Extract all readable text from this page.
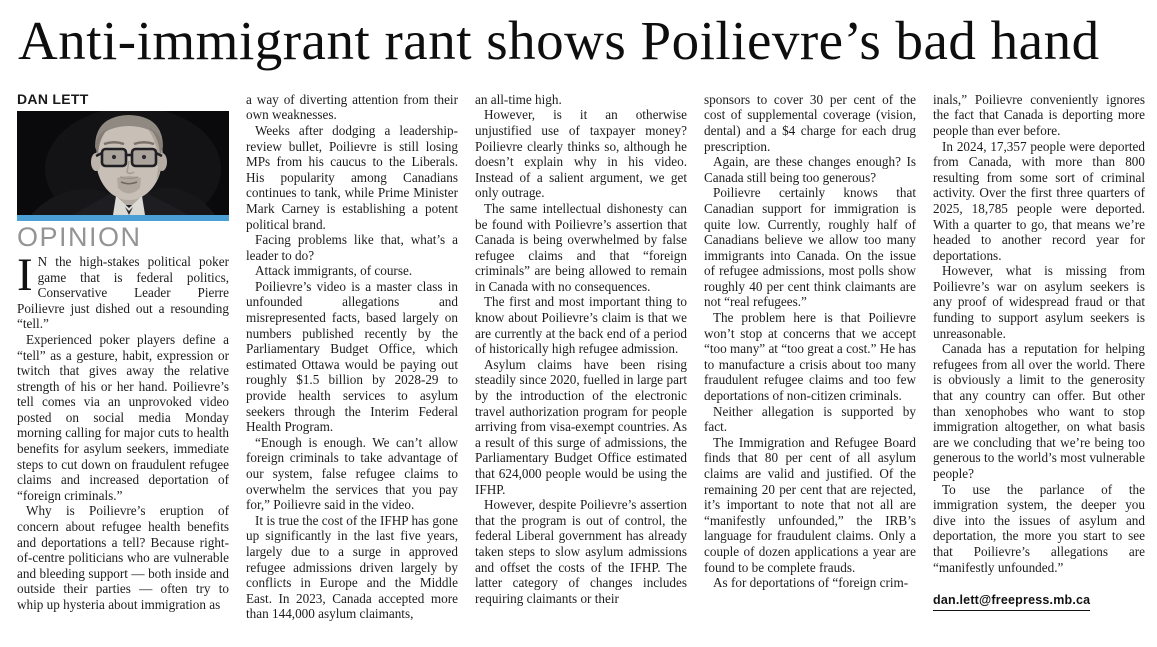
Anti-immigrant rant shows Poilievre’s bad hand
DAN LETT
OPINION

I N the high-stakes political poker game that is federal politics, Conservative Leader Pierre Poilievre just dished out a resounding “tell.”

Experienced poker players define a “tell” as a gesture, habit, expression or twitch that gives away the relative strength of his or her hand. Poilievre’s tell comes via an unprovoked video posted on social media Monday morning calling for major cuts to health benefits for asylum seekers, immediate steps to cut down on fraudulent refugee claims and increased deportation of “foreign criminals.”

Why is Poilievre’s eruption of concern about refugee health benefits and deportations a tell? Because right-of-centre politicians who are vulnerable and bleeding support — both inside and outside their parties — often try to whip up hysteria about immigration as

a way of diverting attention from their own weaknesses.

Weeks after dodging a leadership-review bullet, Poilievre is still losing MPs from his caucus to the Liberals. His popularity among Canadians continues to tank, while Prime Minister Mark Carney is establishing a potent political brand.

Facing problems like that, what’s a leader to do?

Attack immigrants, of course.

Poilievre’s video is a master class in unfounded allegations and misrepresented facts, based largely on numbers published recently by the Parliamentary Budget Office, which estimated Ottawa would be paying out roughly $1.5 billion by 2028-29 to provide health services to asylum seekers through the Interim Federal Health Program.

“Enough is enough. We can’t allow foreign criminals to take advantage of our system, false refugee claims to overwhelm the services that you pay for,” Poilievre said in the video.

It is true the cost of the IFHP has gone up significantly in the last five years, largely due to a surge in approved refugee admissions driven largely by conflicts in Europe and the Middle East. In 2023, Canada accepted more than 144,000 asylum claimants,

an all-time high.

However, is it an otherwise unjustified use of taxpayer money? Poilievre clearly thinks so, although he doesn’t explain why in his video. Instead of a salient argument, we get only outrage.

The same intellectual dishonesty can be found with Poilievre’s assertion that Canada is being overwhelmed by false refugee claims and that “foreign criminals” are being allowed to remain in Canada with no consequences.

The first and most important thing to know about Poilievre’s claim is that we are currently at the back end of a period of historically high refugee admission.

Asylum claims have been rising steadily since 2020, fuelled in large part by the introduction of the electronic travel authorization program for people arriving from visa-exempt countries. As a result of this surge of admissions, the Parliamentary Budget Office estimated that 624,000 people would be using the IFHP.

However, despite Poilievre’s assertion that the program is out of control, the federal Liberal government has already taken steps to slow asylum admissions and offset the costs of the IFHP. The latter category of changes includes requiring claimants or their

sponsors to cover 30 per cent of the cost of supplemental coverage (vision, dental) and a $4 charge for each drug prescription.

Again, are these changes enough? Is Canada still being too generous?

Poilievre certainly knows that Canadian support for immigration is quite low. Currently, roughly half of Canadians believe we allow too many immigrants into Canada. On the issue of refugee admissions, most polls show roughly 40 per cent think claimants are not “real refugees.”

The problem here is that Poilievre won’t stop at concerns that we accept “too many” at “too great a cost.” He has to manufacture a crisis about too many fraudulent refugee claims and too few deportations of non-citizen criminals.

Neither allegation is supported by fact.

The Immigration and Refugee Board finds that 80 per cent of all asylum claims are valid and justified. Of the remaining 20 per cent that are rejected, it’s important to note that not all are “manifestly unfounded,” the IRB’s language for fraudulent claims. Only a couple of dozen applications a year are found to be complete frauds.

As for deportations of “foreign crim-

inals,” Poilievre conveniently ignores the fact that Canada is deporting more people than ever before.

In 2024, 17,357 people were deported from Canada, with more than 800 resulting from some sort of criminal activity. Over the first three quarters of 2025, 18,785 people were deported. With a quarter to go, that means we’re headed to another record year for deportations.

However, what is missing from Poilievre’s war on asylum seekers is any proof of widespread fraud or that funding to support asylum seekers is unreasonable.

Canada has a reputation for helping refugees from all over the world. There is obviously a limit to the generosity that any country can offer. But other than xenophobes who want to stop immigration altogether, on what basis are we concluding that we’re being too generous to the world’s most vulnerable people?

To use the parlance of the immigration system, the deeper you dive into the issues of asylum and deportation, the more you start to see that Poilievre’s allegations are “manifestly unfounded.”

dan.lett@freepress.mb.ca
